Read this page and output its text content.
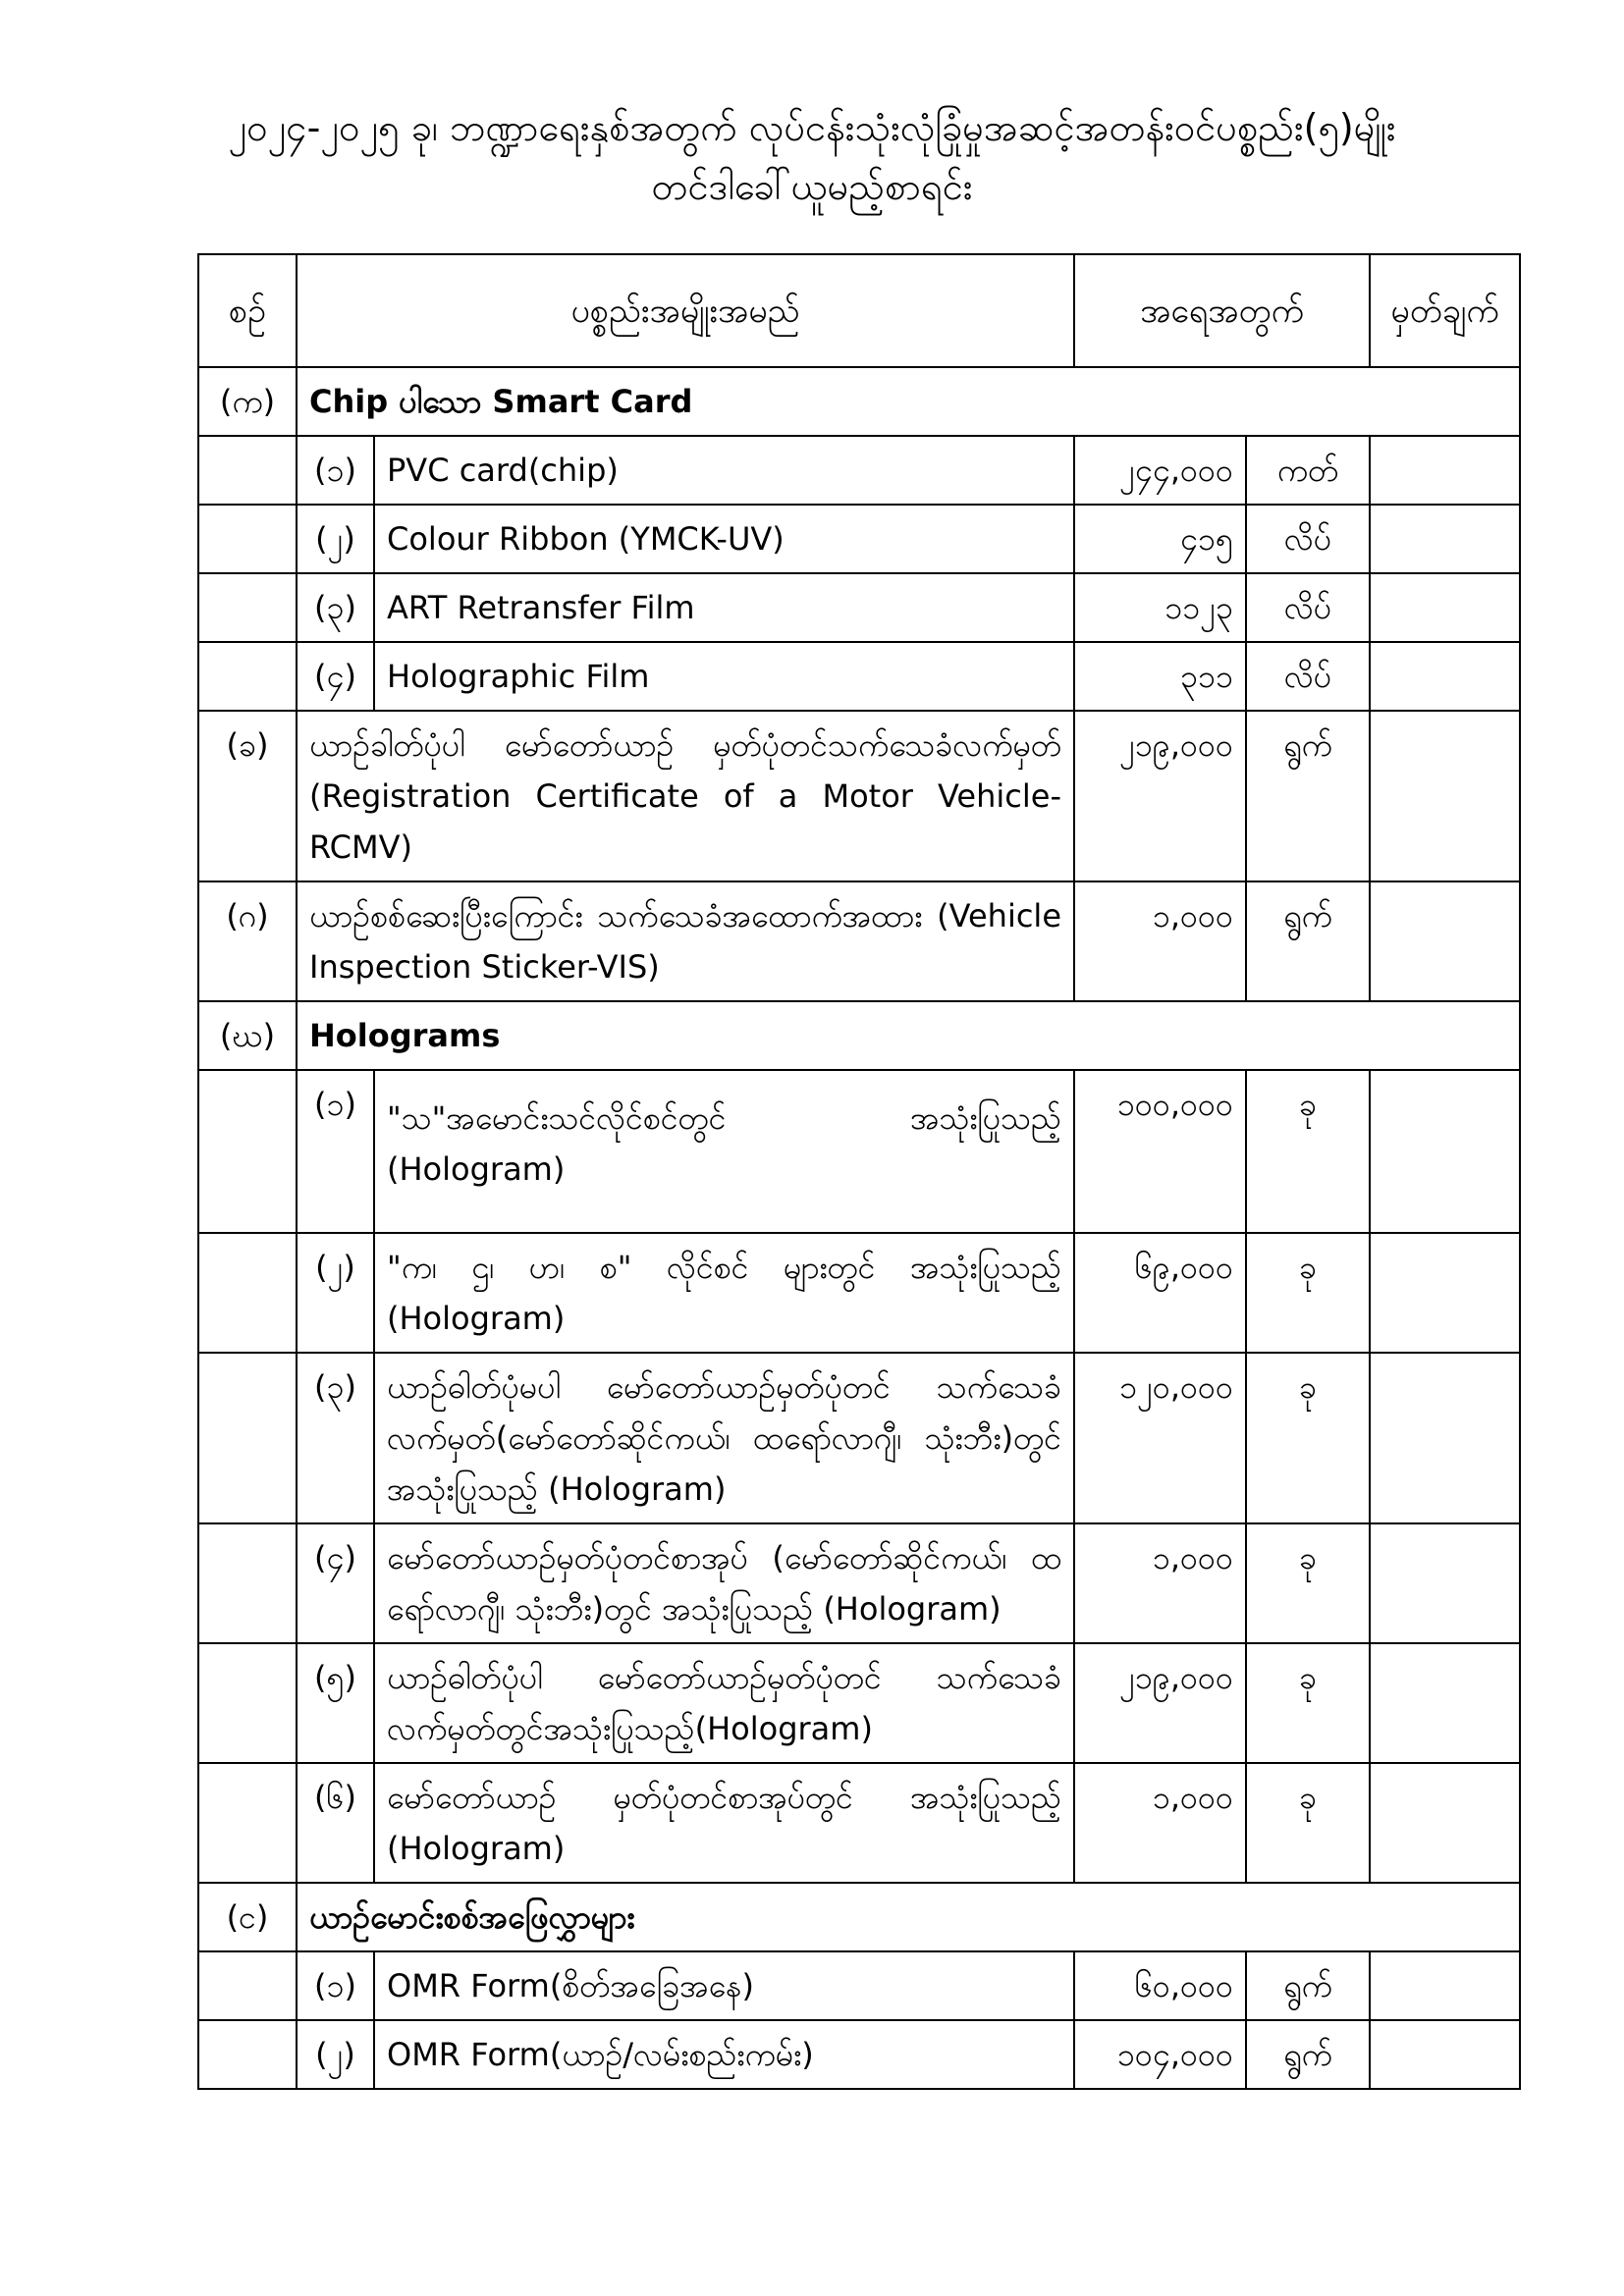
၂၀၂၄-၂၀၂၅ ခု၊ ဘဏ္ဍာရေးနှစ်အတွက် လုပ်ငန်းသုံးလုံခြုံမှုအဆင့်အတန်းဝင်ပစ္စည်း(၅)မျိုး
တင်ဒါခေါ်ယူမည့်စာရင်း
စဉ်	ပစ္စည်းအမျိုးအမည်		အရေအတွက်		မှတ်ချက်
(က)	Chip ပါသော Smart Card				
	(၁)	PVC card(chip)	၂၄၄,၀၀၀	ကတ်	
	(၂)	Colour Ribbon (YMCK-UV)	၄၁၅	လိပ်	
	(၃)	ART Retransfer Film	၁၁၂၃	လိပ်	
	(၄)	Holographic Film	၃၁၁	လိပ်	
(ခ)	ယာဉ်ခါတ်ပုံပါ မော်တော်ယာဉ် မှတ်ပုံတင်သက်သေခံလက်မှတ် (Registration Certificate of a Motor Vehicle-RCMV)		၂၁၉,၀၀၀	ရွက်	
(ဂ)	ယာဉ်စစ်ဆေးပြီးကြောင်း သက်သေခံအထောက်အထား (Vehicle Inspection Sticker-VIS)		၁,၀၀၀	ရွက်	
(ဃ)	Holograms				
	(၁)	"သ"အမောင်းသင်လိုင်စင်တွင် အသုံးပြုသည့် (Hologram)	၁၀၀,၀၀၀	ခု	
	(၂)	"က၊ ဌ၊ ဟ၊ စ" လိုင်စင် များတွင် အသုံးပြုသည့် (Hologram)	၆၉,၀၀၀	ခု	
	(၃)	ယာဉ်ဓါတ်ပုံမပါ မော်တော်ယာဉ်မှတ်ပုံတင် သက်သေခံလက်မှတ်(မော်တော်ဆိုင်ကယ်၊ ထရော်လာဂျီ၊ သုံးဘီး)တွင် အသုံးပြုသည့် (Hologram)	၁၂၀,၀၀၀	ခု	
	(၄)	မော်တော်ယာဉ်မှတ်ပုံတင်စာအုပ် (မော်တော်ဆိုင်ကယ်၊ ထရော်လာဂျီ၊ သုံးဘီး)တွင် အသုံးပြုသည့် (Hologram)	၁,၀၀၀	ခု	
	(၅)	ယာဉ်ဓါတ်ပုံပါ မော်တော်ယာဉ်မှတ်ပုံတင် သက်သေခံလက်မှတ်တွင်အသုံးပြုသည့်(Hologram)	၂၁၉,၀၀၀	ခု	
	(၆)	မော်တော်ယာဉ် မှတ်ပုံတင်စာအုပ်တွင် အသုံးပြုသည့် (Hologram)	၁,၀၀၀	ခု	
(င)	ယာဉ်မောင်းစစ်အဖြေလွှာများ				
	(၁)	OMR Form(စိတ်အခြေအနေ)	၆၀,၀၀၀	ရွက်	
	(၂)	OMR Form(ယာဉ်/လမ်းစည်းကမ်း)	၁၀၄,၀၀၀	ရွက်	
